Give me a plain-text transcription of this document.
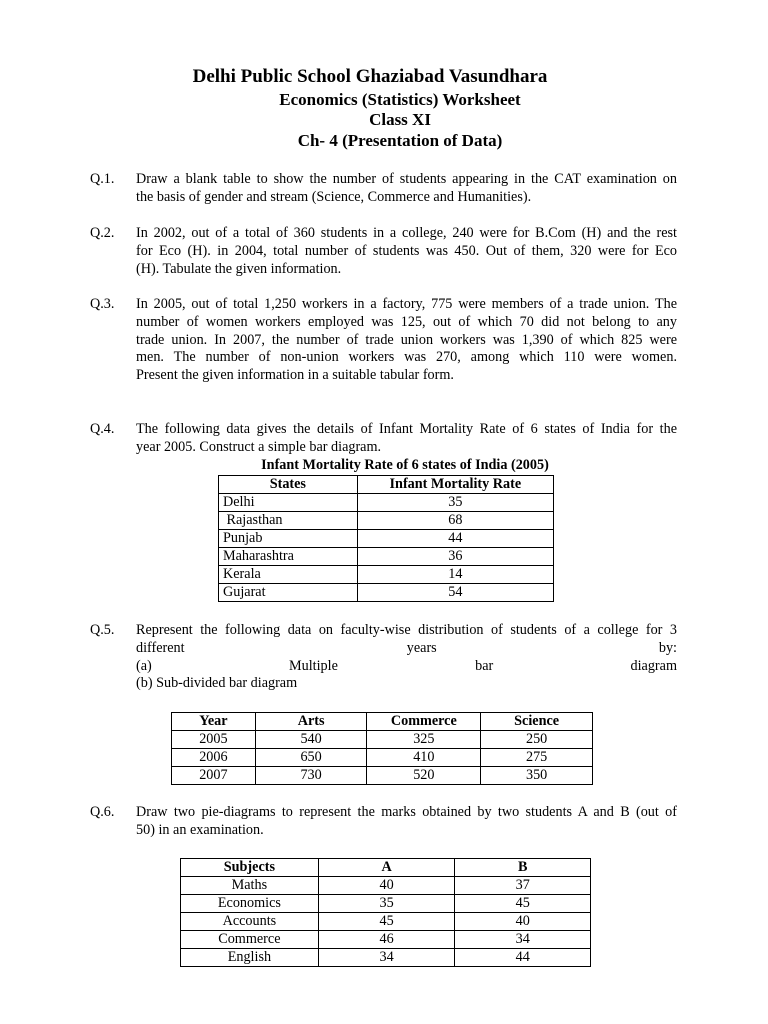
Delhi Public School Ghaziabad Vasundhara
Economics (Statistics) Worksheet
Class XI
Ch- 4 (Presentation of Data)
Q.1.	Draw a blank table to show the number of students appearing in the CAT examination on
the basis of gender and stream (Science, Commerce and Humanities).
Q.2.	In 2002, out of a total of 360 students in a college, 240 were for B.Com (H) and the rest
for Eco (H). in 2004, total number of students was 450. Out of them, 320 were for Eco
(H). Tabulate the given information.
Q.3.	In 2005, out of total 1,250 workers in a factory, 775 were members of a trade union. The
number of women workers employed was 125, out of which 70 did not belong to any
trade union. In 2007, the number of trade union workers was 1,390 of which 825 were
men. The number of non-union workers was 270, among which 110 were women.
Present the given information in a suitable tabular form.
Q.4.	The following data gives the details of Infant Mortality Rate of 6 states of India for the
year 2005. Construct a simple bar diagram.
Q.5.	Represent the following data on faculty-wise distribution of students of a college for 3
different years by:
(a) Multiple bar diagram
(b) Sub-divided bar diagram
Q.6.	Draw two pie-diagrams to represent the marks obtained by two students A and B (out of
50) in an examination.
Infant Mortality Rate of 6 states of India (2005)
States	Infant Mortality Rate
Delhi	35
Rajasthan	68
Punjab	44
Maharashtra	36
Kerala	14
Gujarat	54
Year	Arts	Commerce	Science
2005	540	325	250
2006	650	410	275
2007	730	520	350
Subjects	A	B
Maths	40	37
Economics	35	45
Accounts	45	40
Commerce	46	34
English	34	44
